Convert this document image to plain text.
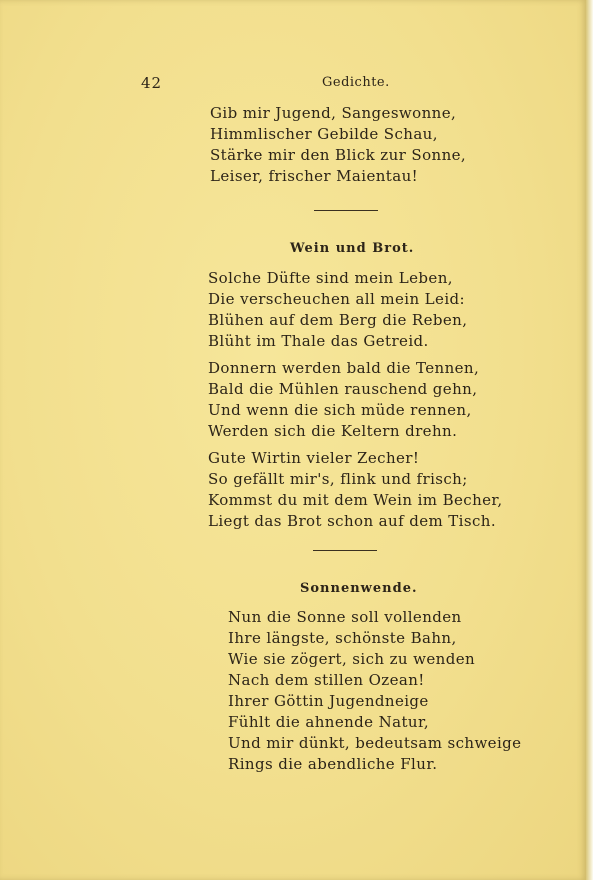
42	Gedichte.
Gib mir Jugend, Sangeswonne,
Himmlischer Gebilde Schau,
Stärke mir den Blick zur Sonne,
Leiser, frischer Maientau!
Wein und Brot.
Solche Düfte sind mein Leben,
Die verscheuchen all mein Leid:
Blühen auf dem Berg die Reben,
Blüht im Thale das Getreid.
Donnern werden bald die Tennen,
Bald die Mühlen rauschend gehn,
Und wenn die sich müde rennen,
Werden sich die Keltern drehn.
Gute Wirtin vieler Zecher!
So gefällt mir's, flink und frisch;
Kommst du mit dem Wein im Becher,
Liegt das Brot schon auf dem Tisch.
Sonnenwende.
Nun die Sonne soll vollenden
Ihre längste, schönste Bahn,
Wie sie zögert, sich zu wenden
Nach dem stillen Ozean!
Ihrer Göttin Jugendneige
Fühlt die ahnende Natur,
Und mir dünkt, bedeutsam schweige
Rings die abendliche Flur.
